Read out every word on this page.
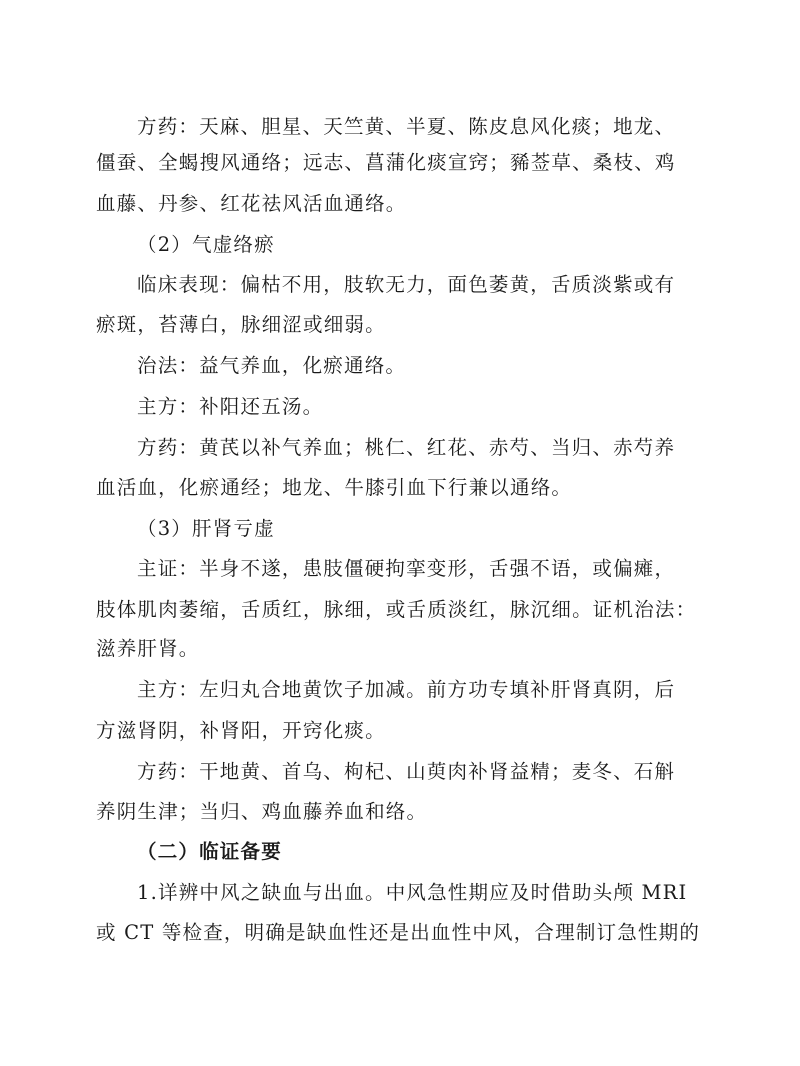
方药：天麻、胆星、天竺黄、半夏、陈皮息风化痰；地龙、
僵蚕、全蝎搜风通络；远志、菖蒲化痰宣窍；豨莶草、桑枝、鸡
血藤、丹参、红花祛风活血通络。
（2）气虚络瘀
临床表现：偏枯不用，肢软无力，面色萎黄，舌质淡紫或有
瘀斑，苔薄白，脉细涩或细弱。
治法：益气养血，化瘀通络。
主方：补阳还五汤。
方药：黄芪以补气养血；桃仁、红花、赤芍、当归、赤芍养
血活血，化瘀通经；地龙、牛膝引血下行兼以通络。
（3）肝肾亏虚
主证：半身不遂，患肢僵硬拘挛变形，舌强不语，或偏瘫，
肢体肌肉萎缩，舌质红，脉细，或舌质淡红，脉沉细。证机治法：
滋养肝肾。
主方：左归丸合地黄饮子加减。前方功专填补肝肾真阴，后
方滋肾阴，补肾阳，开窍化痰。
方药：干地黄、首乌、枸杞、山萸肉补肾益精；麦冬、石斛
养阴生津；当归、鸡血藤养血和络。
（二）临证备要
1.详辨中风之缺血与出血。中风急性期应及时借助头颅 MRI
或 CT 等检查，明确是缺血性还是出血性中风，合理制订急性期的
